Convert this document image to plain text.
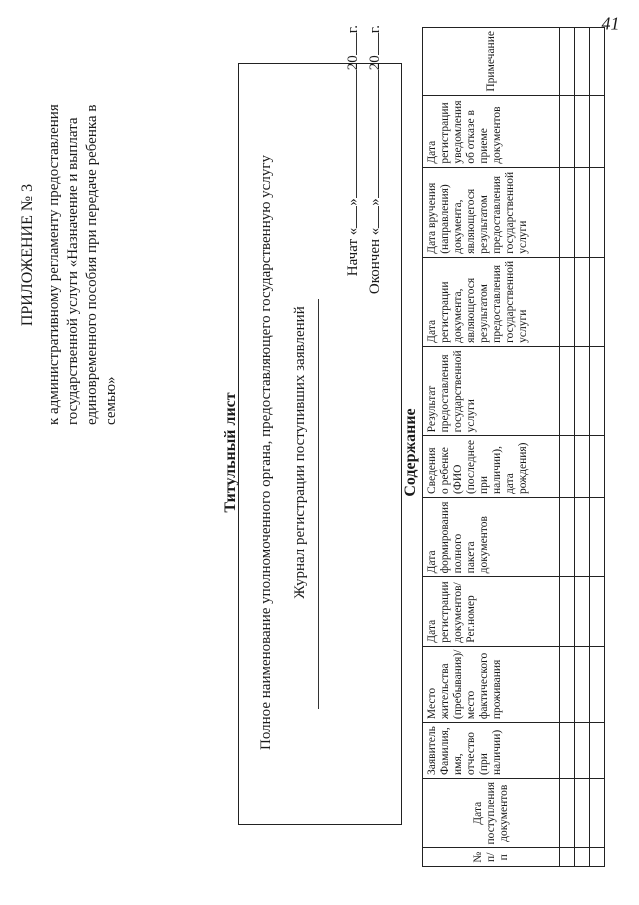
41
ПРИЛОЖЕНИЕ № 3 к административному регламенту предоставления государственной услуги «Назначение и выплата единовременного пособия при передаче ребенка в семью»	Титульный лист Полное наименование уполномоченного органа, предоставляющего государственную услугу Журнал регистрации поступивших заявлений
Начат «
»
20
г.
Окончен «
»
20
г.
Содержание
№ п/п	Дата поступления документов	Заявитель Фамилия, имя, отчество (при наличии)	Место жительства (пребывания)/ место фактического проживания	Дата регистрации документов/ Рег.номер	Дата формирования полного пакета документов	Сведения о ребенке (ФИО (последнее при наличии), дата рождения)	Результат предоставления государственной услуги	Дата регистрации документа, являющегося результатом предоставления государственной услуги	Дата вручения (направления) документа, являющегося результатом предоставления государственной услуги	Дата регистрации уведомления об отказе в приеме документов	Примечание
